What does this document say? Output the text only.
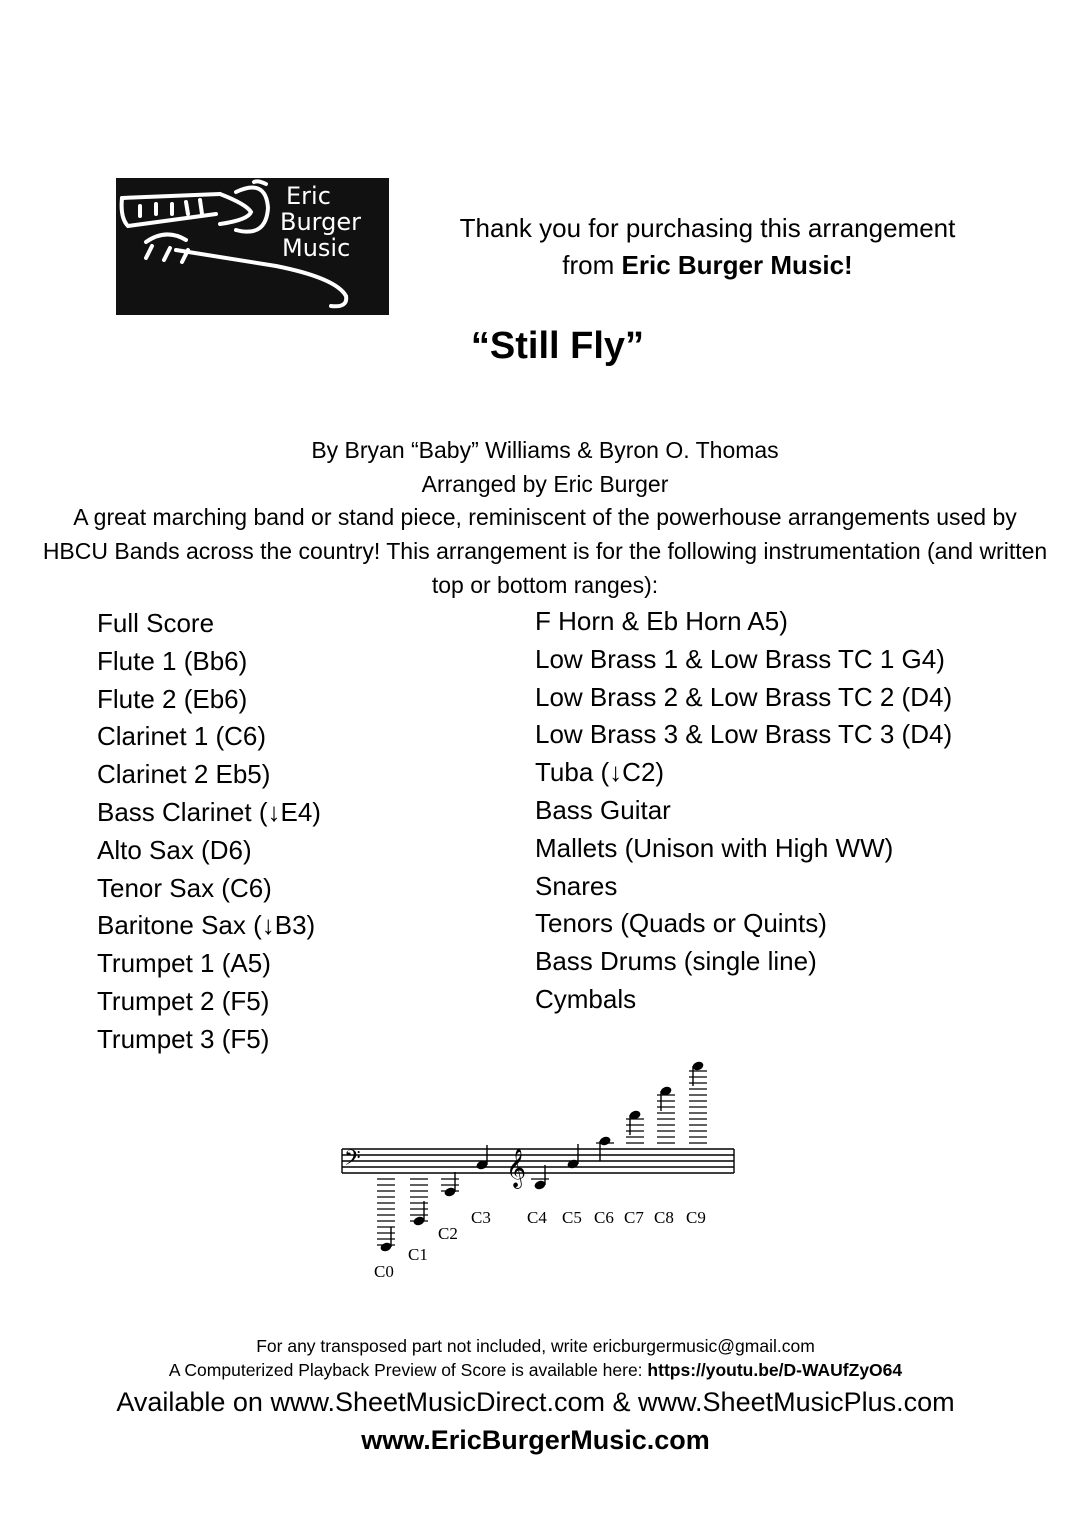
Eric
Burger
Music
Thank you for purchasing this arrangement
from Eric Burger Music!
“Still Fly”
By Bryan “Baby” Williams & Byron O. Thomas
Arranged by Eric Burger
A great marching band or stand piece, reminiscent of the powerhouse arrangements used by HBCU Bands across the country! This arrangement is for the following instrumentation (and written top or bottom ranges):
Full Score
Flute 1 (Bb6)
Flute 2 (Eb6)
Clarinet 1 (C6)
Clarinet 2 Eb5)
Bass Clarinet (↓E4)
Alto Sax (D6)
Tenor Sax (C6)
Baritone Sax (↓B3)
Trumpet 1 (A5)
Trumpet 2 (F5)
Trumpet 3 (F5)
F Horn & Eb Horn A5)
Low Brass 1 & Low Brass TC 1 G4)
Low Brass 2 & Low Brass TC 2 (D4)
Low Brass 3 & Low Brass TC 3 (D4)
Tuba (↓C2)
Bass Guitar
Mallets (Unison with High WW)
Snares
Tenors (Quads or Quints)
Bass Drums (single line)
Cymbals
𝄢	𝄞
C0
C1
C2
C3 C4 C5 C6 C7 C8 C9
For any transposed part not included, write ericburgermusic@gmail.com
A Computerized Playback Preview of Score is available here: https://youtu.be/D-WAUfZyO64
Available on www.SheetMusicDirect.com & www.SheetMusicPlus.com
www.EricBurgerMusic.com
